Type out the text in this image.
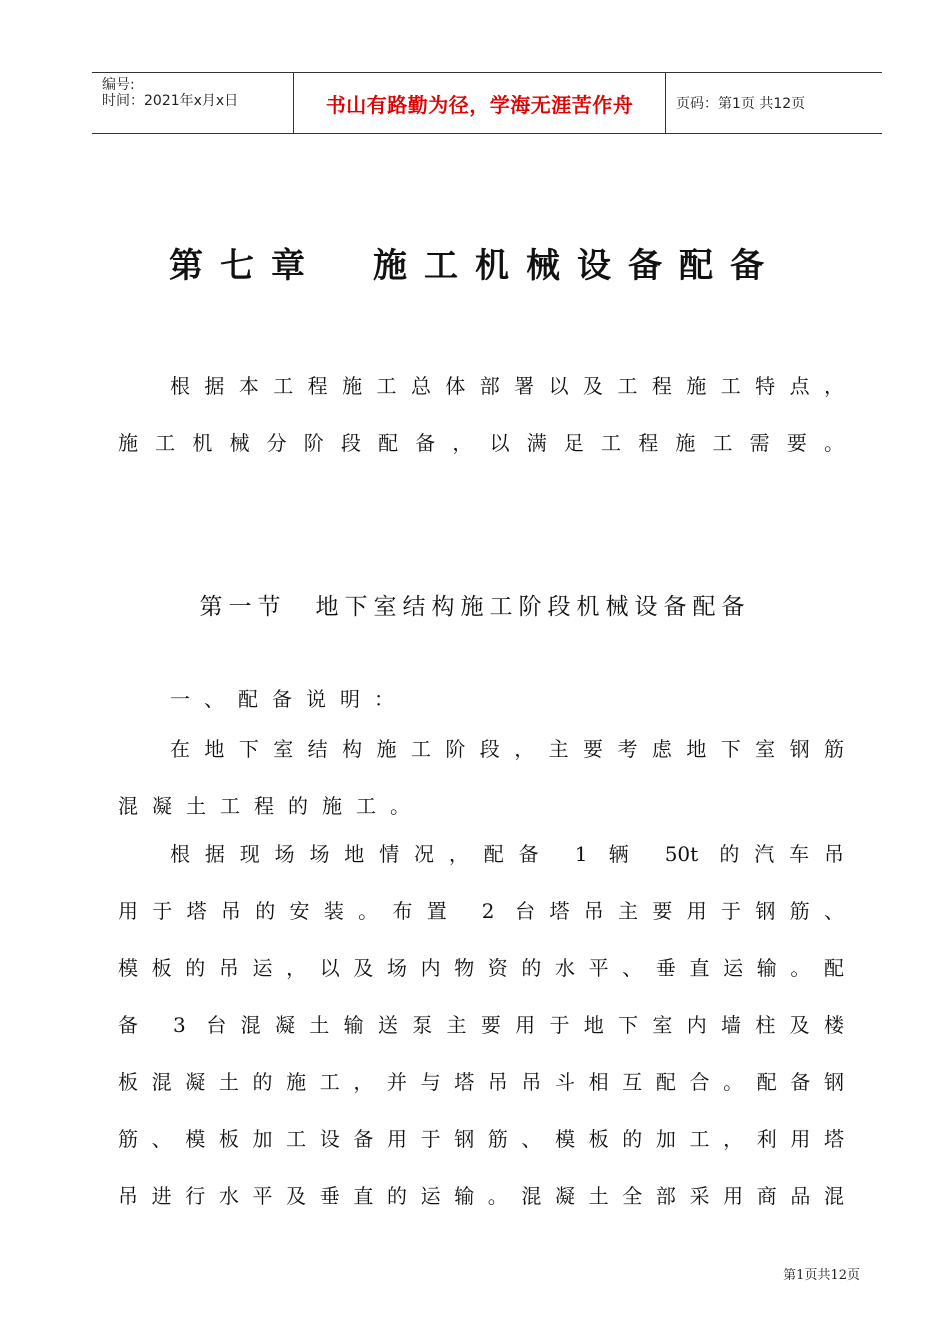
编号:
时间：2021年x月x日	书山有路勤为径，学海无涯苦作舟	页码：第1页 共12页
第七章　施工机械设备配备
根据本工程施工总体部署以及工程施工特点，
施工机械分阶段配备，以满足工程施工需要。
第一节　地下室结构施工阶段机械设备配备
一、配备说明：
在地下室结构施工阶段，主要考虑地下室钢筋
混凝土工程的施工。
根据现场场地情况，配备 1 辆 50t 的汽车吊
用于塔吊的安装。布置 2 台塔吊主要用于钢筋、
模板的吊运，以及场内物资的水平、垂直运输。配
备 3 台混凝土输送泵主要用于地下室内墙柱及楼
板混凝土的施工，并与塔吊吊斗相互配合。配备钢
筋、模板加工设备用于钢筋、模板的加工，利用塔
吊进行水平及垂直的运输。混凝土全部采用商品混
第1页共12页
